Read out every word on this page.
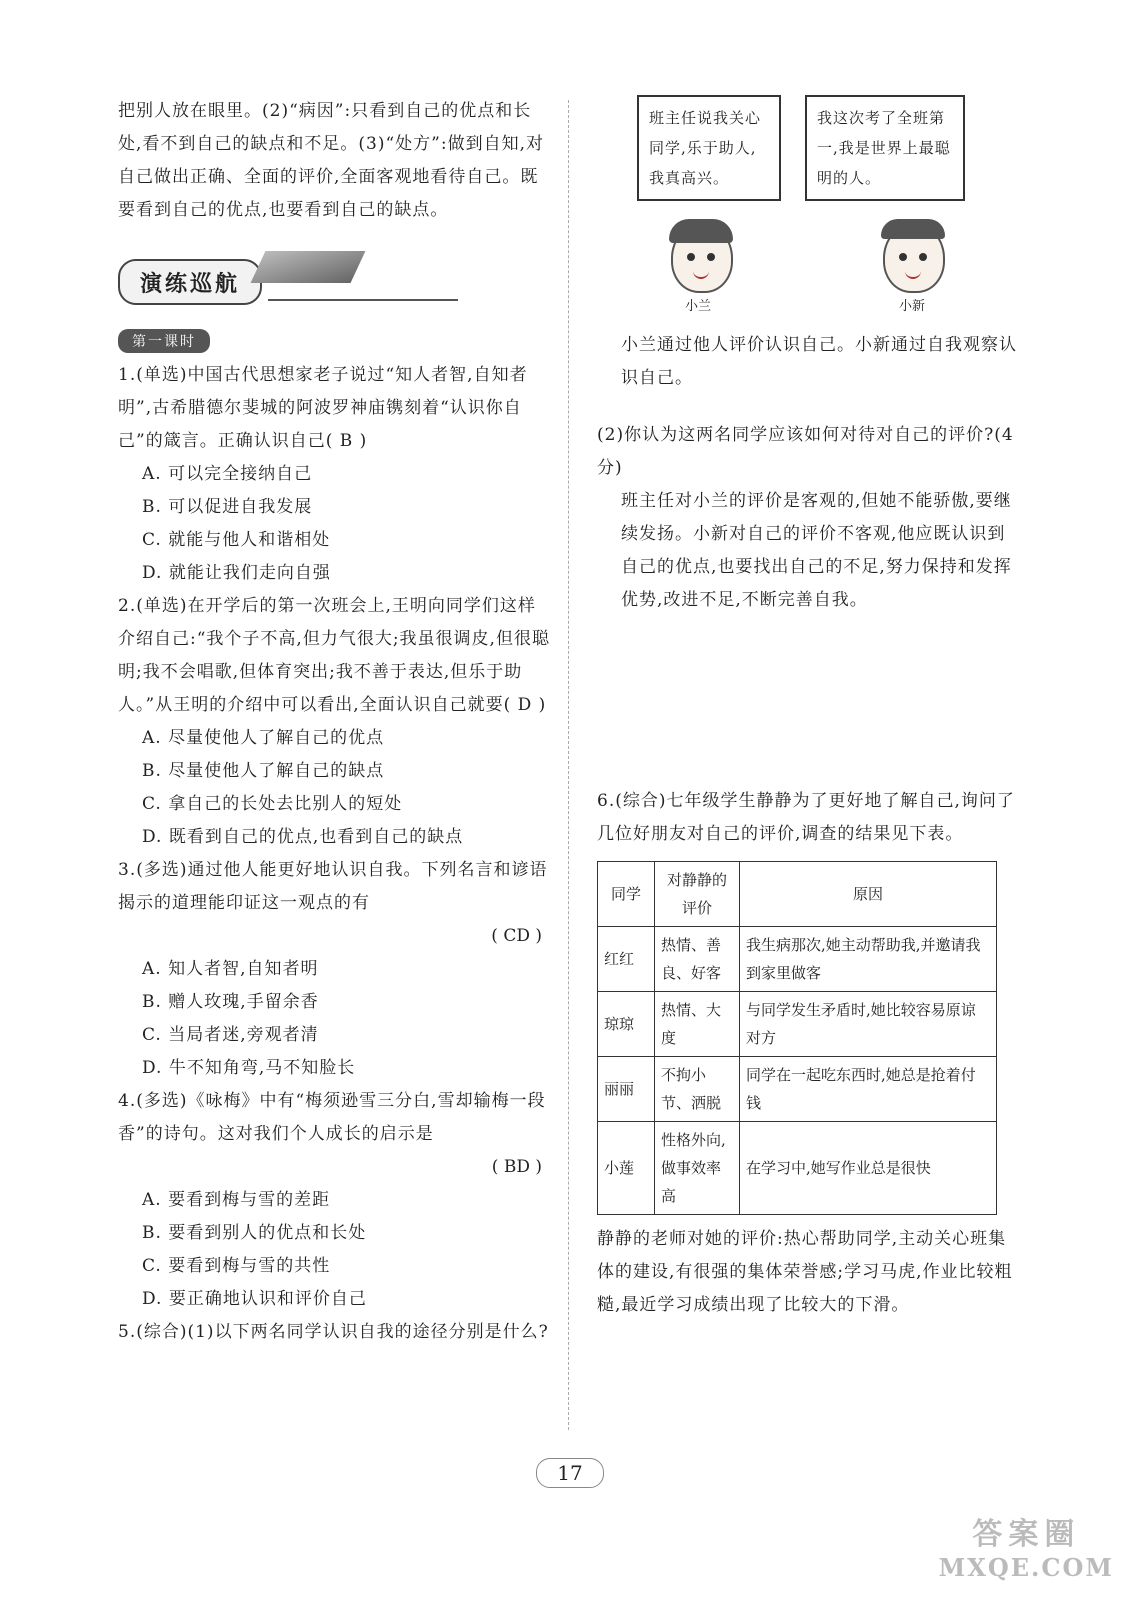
把别人放在眼里。(2)“病因”:只看到自己的优点和长处,看不到自己的缺点和不足。(3)“处方”:做到自知,对自己做出正确、全面的评价,全面客观地看待自己。既要看到自己的优点,也要看到自己的缺点。

演练巡航
第一课时

1.(单选)中国古代思想家老子说过“知人者智,自知者明”,古希腊德尔斐城的阿波罗神庙镌刻着“认识你自己”的箴言。正确认识自己( B )

A. 可以完全接纳自己

B. 可以促进自我发展

C. 就能与他人和谐相处

D. 就能让我们走向自强

2.(单选)在开学后的第一次班会上,王明向同学们这样介绍自己:“我个子不高,但力气很大;我虽很调皮,但很聪明;我不会唱歌,但体育突出;我不善于表达,但乐于助人。”从王明的介绍中可以看出,全面认识自己就要( D )

A. 尽量使他人了解自己的优点

B. 尽量使他人了解自己的缺点

C. 拿自己的长处去比别人的短处

D. 既看到自己的优点,也看到自己的缺点

3.(多选)通过他人能更好地认识自我。下列名言和谚语揭示的道理能印证这一观点的有

( CD )

A. 知人者智,自知者明

B. 赠人玫瑰,手留余香

C. 当局者迷,旁观者清

D. 牛不知角弯,马不知脸长

4.(多选)《咏梅》中有“梅须逊雪三分白,雪却输梅一段香”的诗句。这对我们个人成长的启示是

( BD )

A. 要看到梅与雪的差距

B. 要看到别人的优点和长处

C. 要看到梅与雪的共性

D. 要正确地认识和评价自己

5.(综合)(1)以下两名同学认识自我的途径分别是什么?

班主任说我关心同学,乐于助人,我真高兴。
我这次考了全班第一,我是世界上最聪明的人。
小兰	小新

小兰通过他人评价认识自己。小新通过自我观察认识自己。

(2)你认为这两名同学应该如何对待对自己的评价?(4分)

班主任对小兰的评价是客观的,但她不能骄傲,要继续发扬。小新对自己的评价不客观,他应既认识到自己的优点,也要找出自己的不足,努力保持和发挥优势,改进不足,不断完善自我。

6.(综合)七年级学生静静为了更好地了解自己,询问了几位好朋友对自己的评价,调查的结果见下表。

同学	对静静的评价	原因
红红	热情、善良、好客	我生病那次,她主动帮助我,并邀请我到家里做客
琼琼	热情、大度	与同学发生矛盾时,她比较容易原谅对方
丽丽	不拘小节、洒脱	同学在一起吃东西时,她总是抢着付钱
小莲	性格外向,做事效率高	在学习中,她写作业总是很快

静静的老师对她的评价:热心帮助同学,主动关心班集体的建设,有很强的集体荣誉感;学习马虎,作业比较粗糙,最近学习成绩出现了比较大的下滑。

17
答案圈
MXQE.COM
